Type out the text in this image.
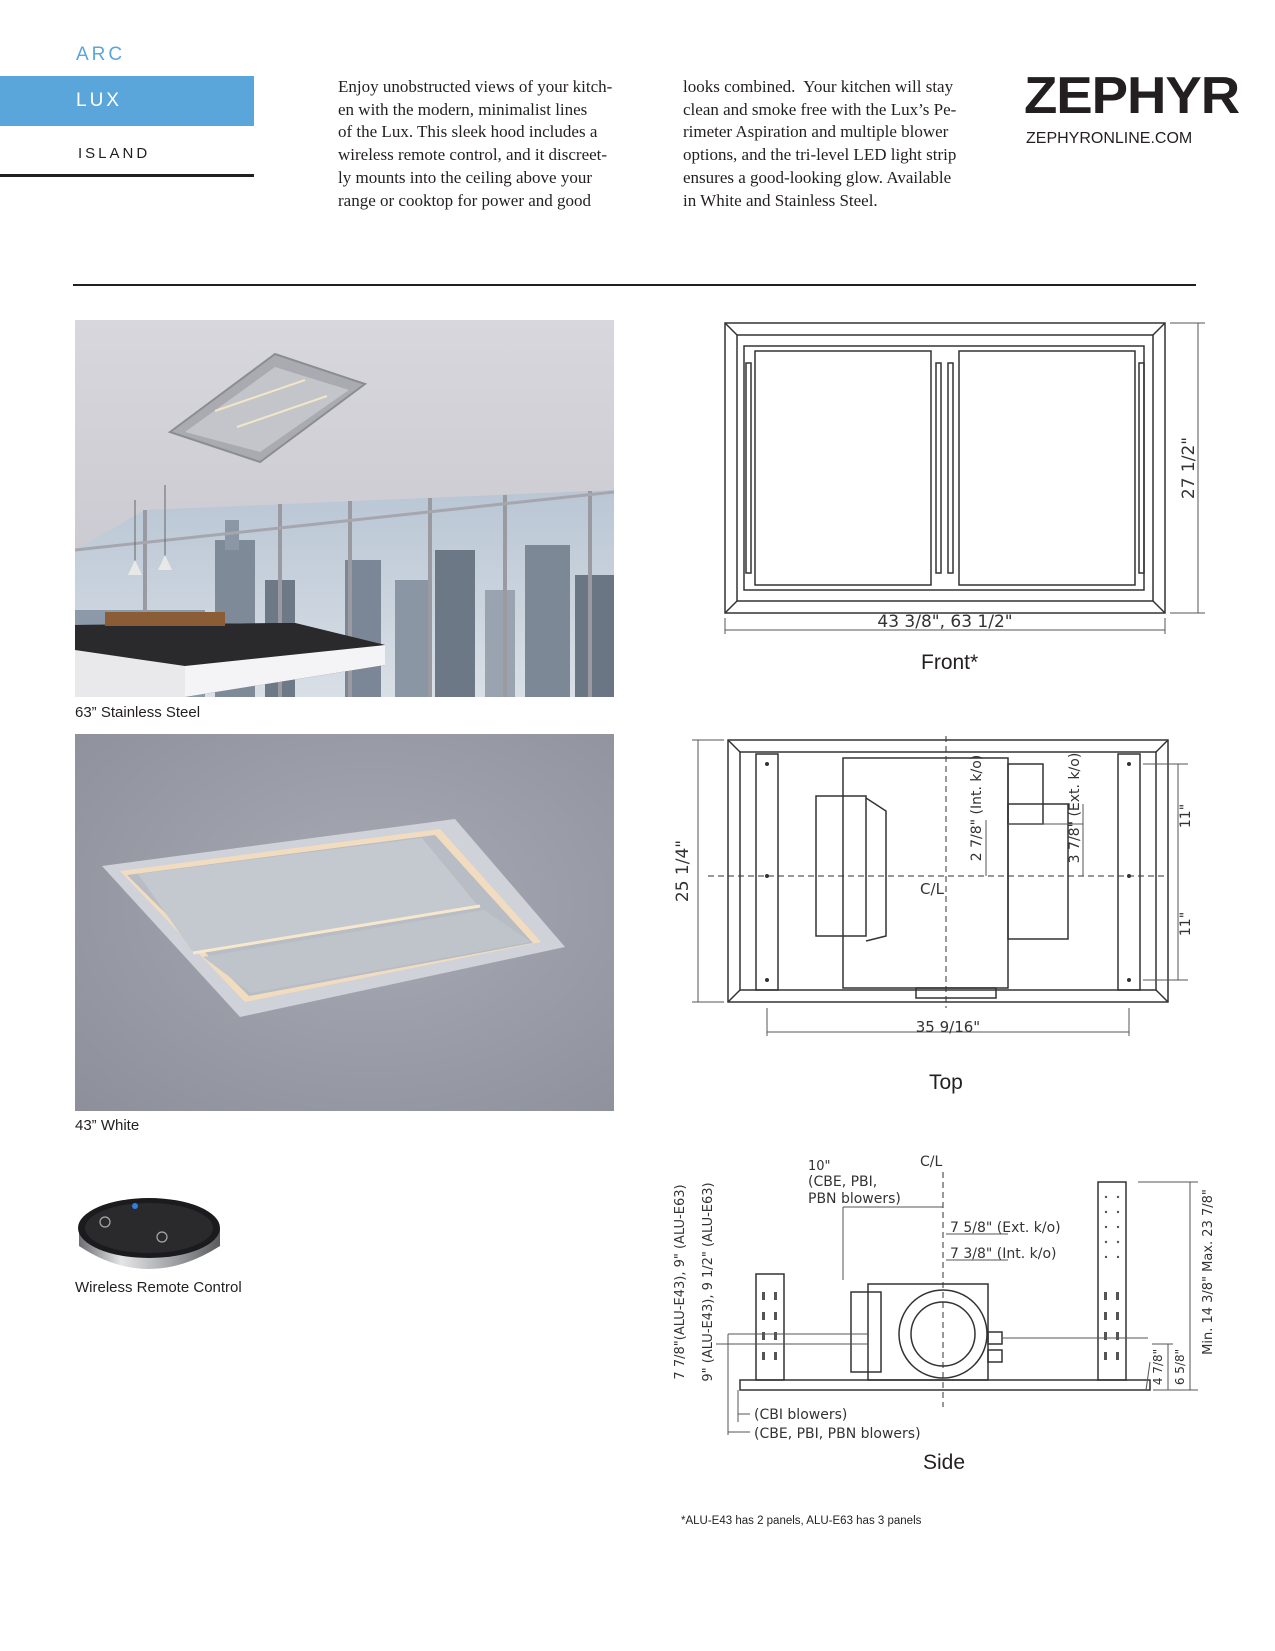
ARC
LUX
ISLAND
Enjoy unobstructed views of your kitch-
en with the modern, minimalist lines
of the Lux. This sleek hood includes a
wireless remote control, and it discreet-
ly mounts into the ceiling above your
range or cooktop for power and good
looks combined.  Your kitchen will stay
clean and smoke free with the Lux’s Pe-
rimeter Aspiration and multiple blower
options, and the tri-level LED light strip
ensures a good-looking glow. Available
in White and Stainless Steel.
ZEPHYR
ZEPHYRONLINE.COM
63” Stainless Steel
43” White
Wireless Remote Control
43 3/8", 63 1/2"
27 1/2"
Front*
25 1/4"
35 9/16"
11"
11"
2 7/8" (Int. k/o)	3 7/8" (Ext. k/o)
C/L
Top
C/L
10"
(CBE, PBI,
PBN blowers)
7 5/8" (Ext. k/o)
7 3/8" (Int. k/o)
(CBI blowers)
(CBE, PBI, PBN blowers)
7 7/8"(ALU-E43), 9" (ALU-E63) 9" (ALU-E43), 9 1/2" (ALU-E63)	4 7/8" 6 5/8"
Min. 14 3/8" Max. 23 7/8"
Side
*ALU-E43 has 2 panels, ALU-E63 has 3 panels
